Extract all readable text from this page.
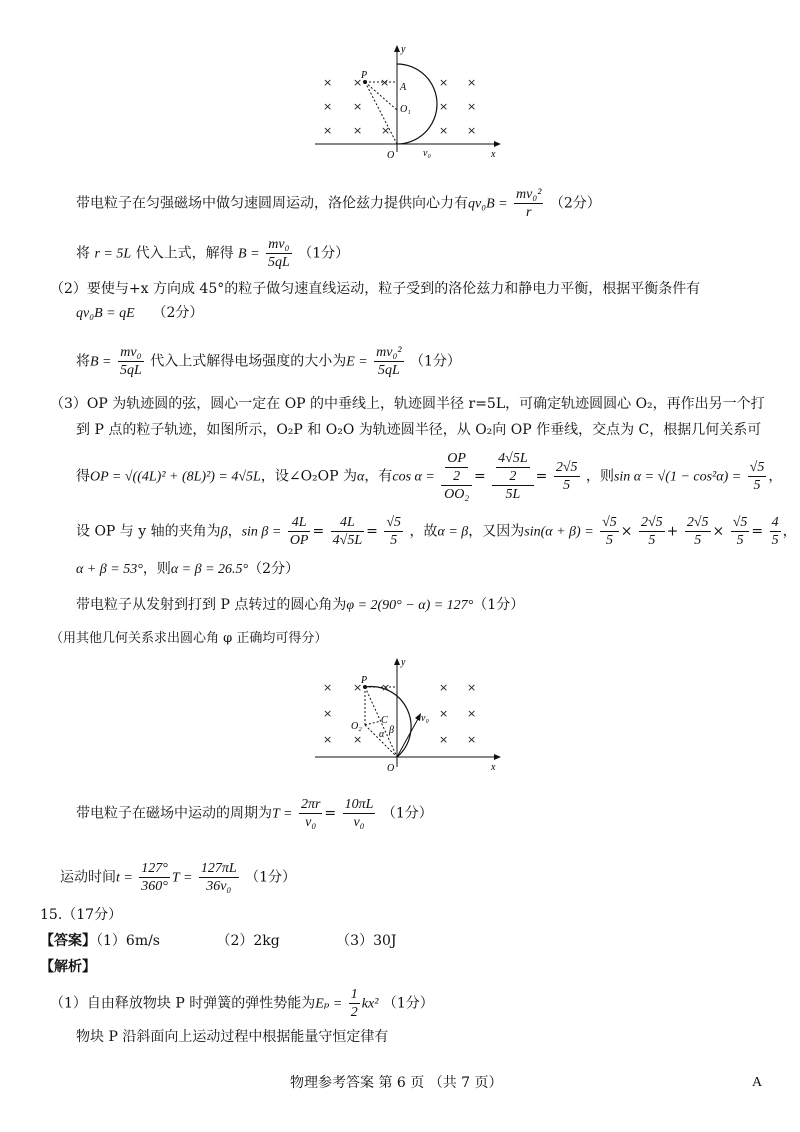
× × ×	× ×
× ×	× ×
× × ×	× ×
y
x
O
P
A
O₁
v₀
带电粒子在匀强磁场中做匀速圆周运动，洛伦兹力提供向心力有$qv_0B = \frac{\text{mv₀²}}{r} (2$分）
将 r = 5L 代入上式，解得 $B = \frac{\text{mv₀}}{5qL} (1$分）
（2）要使与+x 方向成 45°的粒子做匀速直线运动，粒子受到的洛伦兹力和静电力平衡，根据平衡条件有
qv₀B = qE （2分）
将$B = \frac{\text{mv₀}}{5qL}$ 代入上式解得电场强度的大小为$E = \frac{\text{mv₀²}}{5qL} (1$分）
（3）OP 为轨迹圆的弦，圆心一定在 OP 的中垂线上，轨迹圆半径 r=5L，可确定轨迹圆圆心 O₂，再作出另一个打
到 P 点的粒子轨迹，如图所示，O₂P 和 O₂O 为轨迹圆半径，从 O₂向 OP 作垂线，交点为 C，根据几何关系可
得OP = √((4L)² + (8L)²) = 4√5L，设∠O₂OP 为α，有$\cos \alpha = \frac{\frac{OP}{2}}{\text{OO₂}} = \frac{\frac{4√5L}{2}}{5L} = \frac{2√5}{5}$ ，则$\sin \alpha = √(1 - \cos^2\alpha) = \frac{√5}{5}$ ，
设 OP 与 y 轴的夹角为β，$\sin \beta = \frac{4L}{OP} = \frac{4L}{4√5L} = \frac{√5}{5}$ ，故α = β，又因为$\sin(\alpha + \beta) = \frac{√5}{5} \times \frac{2√5}{5} + \frac{2√5}{5} \times \frac{√5}{5} = \frac{4}{5}$ ，
α + β = 53°，则α = β = 26.5°（2分）
带电粒子从发射到打到 P 点转过的圆心角为φ = 2(90° − α) = 127°（1分）
（用其他几何关系求出圆心角 φ 正确均可得分）
× × ×	× ×
×	× ×
× ×	× ×
y
x
O
P
O₂
C
α β
v₀
带电粒子在磁场中运动的周期为$T = \frac{2\pi r}{\text{v₀}} = \frac{10\pi L}{\text{v₀}} (1$分）
运动时间$t = \frac{127^\circ}{360^\circ}$ $T = \frac{127\pi L}{\text{36v₀}} (1$分）
15.（17分）
【答案】（1）6m/s	（2）2kg	（3）30J
【解析】
（1）自由释放物块 P 时弹簧的弹性势能为$E_p = \frac{1}{2} kx^2$ （1分）
物块 P 沿斜面向上运动过程中根据能量守恒定律有
物理参考答案 第 6 页 （共 7 页）	A
